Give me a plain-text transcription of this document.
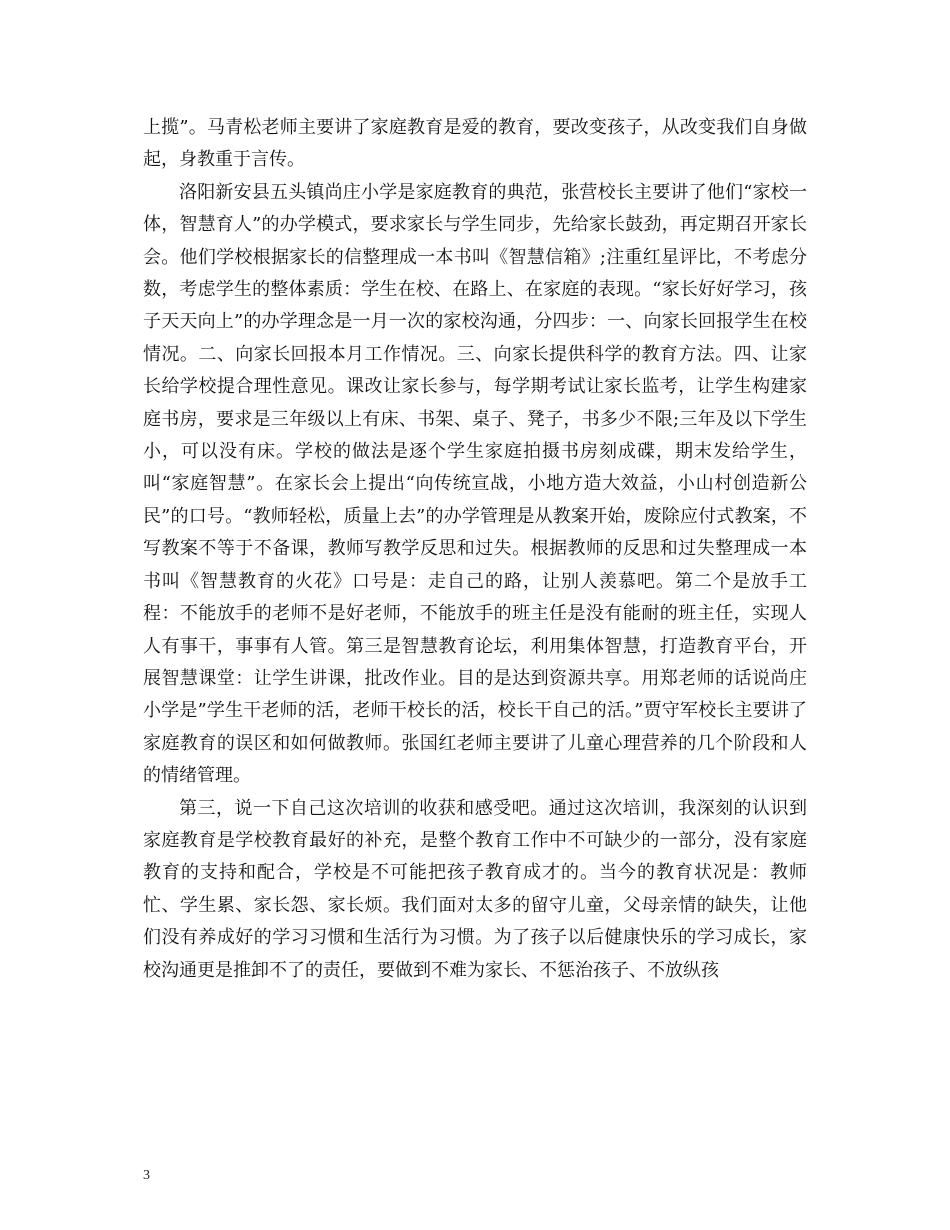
上揽”。马青松老师主要讲了家庭教育是爱的教育，要改变孩子，从改变我们自身做起，身教重于言传。

洛阳新安县五头镇尚庄小学是家庭教育的典范，张营校长主要讲了他们“家校一体，智慧育人”的办学模式，要求家长与学生同步，先给家长鼓劲，再定期召开家长会。他们学校根据家长的信整理成一本书叫《智慧信箱》;注重红星评比，不考虑分数，考虑学生的整体素质：学生在校、在路上、在家庭的表现。“家长好好学习，孩子天天向上”的办学理念是一月一次的家校沟通，分四步：一、向家长回报学生在校情况。二、向家长回报本月工作情况。三、向家长提供科学的教育方法。四、让家长给学校提合理性意见。课改让家长参与，每学期考试让家长监考，让学生构建家庭书房，要求是三年级以上有床、书架、桌子、凳子，书多少不限;三年及以下学生小，可以没有床。学校的做法是逐个学生家庭拍摄书房刻成碟，期末发给学生，叫“家庭智慧”。在家长会上提出“向传统宣战，小地方造大效益，小山村创造新公民”的口号。“教师轻松，质量上去”的办学管理是从教案开始，废除应付式教案，不写教案不等于不备课，教师写教学反思和过失。根据教师的反思和过失整理成一本书叫《智慧教育的火花》口号是：走自己的路，让别人羡慕吧。第二个是放手工程：不能放手的老师不是好老师，不能放手的班主任是没有能耐的班主任，实现人人有事干，事事有人管。第三是智慧教育论坛，利用集体智慧，打造教育平台，开展智慧课堂：让学生讲课，批改作业。目的是达到资源共享。用郑老师的话说尚庄小学是”学生干老师的活，老师干校长的活，校长干自己的活。”贾守军校长主要讲了家庭教育的误区和如何做教师。张国红老师主要讲了儿童心理营养的几个阶段和人的情绪管理。

第三，说一下自己这次培训的收获和感受吧。通过这次培训，我深刻的认识到家庭教育是学校教育最好的补充，是整个教育工作中不可缺少的一部分，没有家庭教育的支持和配合，学校是不可能把孩子教育成才的。当今的教育状况是：教师忙、学生累、家长怨、家长烦。我们面对太多的留守儿童，父母亲情的缺失，让他们没有养成好的学习习惯和生活行为习惯。为了孩子以后健康快乐的学习成长，家校沟通更是推卸不了的责任，要做到不难为家长、不惩治孩子、不放纵孩

3
